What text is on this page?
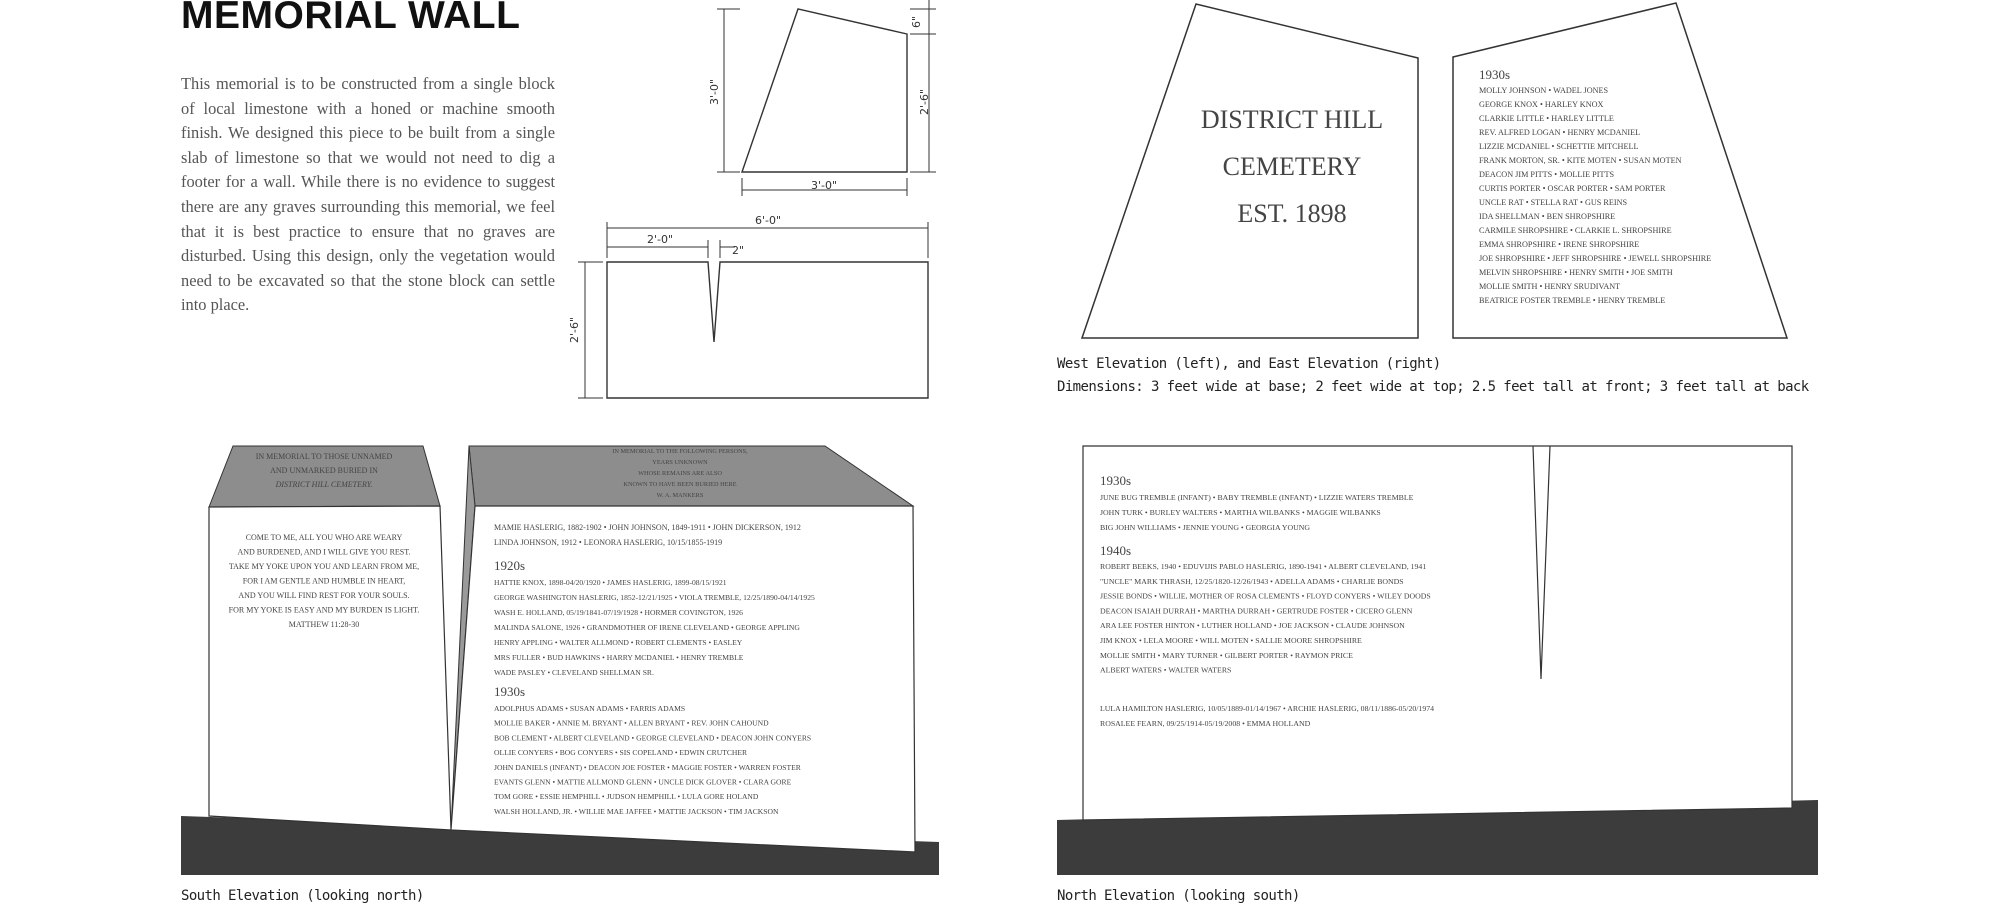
MEMORIAL WALL

This memorial is to be constructed from a single block of local limestone with a honed or machine smooth finish. We designed this piece to be built from a single slab of limestone so that we would not need to dig a footer for a wall. While there is no evidence to suggest there are any graves surrounding this memorial, we feel that it is best practice to ensure that no graves are disturbed. Using this design, only the vegetation would need to be excavated so that the stone block can settle into place.

6"
2'-6"
3'-0"
3'-0"
6'-0"
2'-0"
2"
2'-6"
DISTRICT HILL
CEMETERY
EST. 1898
1930s
MOLLY JOHNSON • WADEL JONES
GEORGE KNOX • HARLEY KNOX
CLARKIE LITTLE • HARLEY LITTLE
REV. ALFRED LOGAN • HENRY MCDANIEL
LIZZIE MCDANIEL • SCHETTIE MITCHELL
FRANK MORTON, SR. • KITE MOTEN • SUSAN MOTEN
DEACON JIM PITTS • MOLLIE PITTS
CURTIS PORTER • OSCAR PORTER • SAM PORTER
UNCLE RAT • STELLA RAT • GUS REINS
IDA SHELLMAN • BEN SHROPSHIRE
CARMILE SHROPSHIRE • CLARKIE L. SHROPSHIRE
EMMA SHROPSHIRE • IRENE SHROPSHIRE
JOE SHROPSHIRE • JEFF SHROPSHIRE • JEWELL SHROPSHIRE
MELVIN SHROPSHIRE • HENRY SMITH • JOE SMITH
MOLLIE SMITH • HENRY SRUDIVANT
BEATRICE FOSTER TREMBLE • HENRY TREMBLE
IN MEMORIAL TO THOSE UNNAMED
AND UNMARKED BURIED IN
DISTRICT HILL CEMETERY.
IN MEMORIAL TO THE FOLLOWING PERSONS,
YEARS UNKNOWN
WHOSE REMAINS ARE ALSO
KNOWN TO HAVE BEEN BURIED HERE
W. A. MANKERS
COME TO ME, ALL YOU WHO ARE WEARY
AND BURDENED, AND I WILL GIVE YOU REST.
TAKE MY YOKE UPON YOU AND LEARN FROM ME,
FOR I AM GENTLE AND HUMBLE IN HEART,
AND YOU WILL FIND REST FOR YOUR SOULS.
FOR MY YOKE IS EASY AND MY BURDEN IS LIGHT.
MATTHEW 11:28-30
MAMIE HASLERIG, 1882-1902 • JOHN JOHNSON, 1849-1911 • JOHN DICKERSON, 1912
LINDA JOHNSON, 1912 • LEONORA HASLERIG, 10/15/1855-1919
1920s
HATTIE KNOX, 1898-04/20/1920 • JAMES HASLERIG, 1899-08/15/1921
GEORGE WASHINGTON HASLERIG, 1852-12/21/1925 • VIOLA TREMBLE, 12/25/1890-04/14/1925
WASH E. HOLLAND, 05/19/1841-07/19/1928 • HORMER COVINGTON, 1926
MALINDA SALONE, 1926 • GRANDMOTHER OF IRENE CLEVELAND • GEORGE APPLING
HENRY APPLING • WALTER ALLMOND • ROBERT CLEMENTS • EASLEY
MRS FULLER • BUD HAWKINS • HARRY MCDANIEL • HENRY TREMBLE
WADE PASLEY • CLEVELAND SHELLMAN SR.
1930s
ADOLPHUS ADAMS • SUSAN ADAMS • FARRIS ADAMS
MOLLIE BAKER • ANNIE M. BRYANT • ALLEN BRYANT • REV. JOHN CAHOUND
BOB CLEMENT • ALBERT CLEVELAND • GEORGE CLEVELAND • DEACON JOHN CONYERS
OLLIE CONYERS • BOG CONYERS • SIS COPELAND • EDWIN CRUTCHER
JOHN DANIELS (INFANT) • DEACON JOE FOSTER • MAGGIE FOSTER • WARREN FOSTER
EVANTS GLENN • MATTIE ALLMOND GLENN • UNCLE DICK GLOVER • CLARA GORE
TOM GORE • ESSIE HEMPHILL • JUDSON HEMPHILL • LULA GORE HOLAND
WALSH HOLLAND, JR. • WILLIE MAE JAFFEE • MATTIE JACKSON • TIM JACKSON
1930s
JUNE BUG TREMBLE (INFANT) • BABY TREMBLE (INFANT) • LIZZIE WATERS TREMBLE
JOHN TURK • BURLEY WALTERS • MARTHA WILBANKS • MAGGIE WILBANKS
BIG JOHN WILLIAMS • JENNIE YOUNG • GEORGIA YOUNG
1940s
ROBERT BEEKS, 1940 • EDUVIJIS PABLO HASLERIG, 1890-1941 • ALBERT CLEVELAND, 1941
"UNCLE" MARK THRASH, 12/25/1820-12/26/1943 • ADELLA ADAMS • CHARLIE BONDS
JESSIE BONDS • WILLIE, MOTHER OF ROSA CLEMENTS • FLOYD CONYERS • WILEY DOODS
DEACON ISAIAH DURRAH • MARTHA DURRAH • GERTRUDE FOSTER • CICERO GLENN
ARA LEE FOSTER HINTON • LUTHER HOLLAND • JOE JACKSON • CLAUDE JOHNSON
JIM KNOX • LELA MOORE • WILL MOTEN • SALLIE MOORE SHROPSHIRE
MOLLIE SMITH • MARY TURNER • GILBERT PORTER • RAYMON PRICE
ALBERT WATERS • WALTER WATERS
LULA HAMILTON HASLERIG, 10/05/1889-01/14/1967 • ARCHIE HASLERIG, 08/11/1886-05/20/1974
ROSALEE FEARN, 09/25/1914-05/19/2008 • EMMA HOLLAND
West Elevation (left), and East Elevation (right)
Dimensions: 3 feet wide at base; 2 feet wide at top; 2.5 feet tall at front; 3 feet tall at back
South Elevation (looking north)	North Elevation (looking south)
